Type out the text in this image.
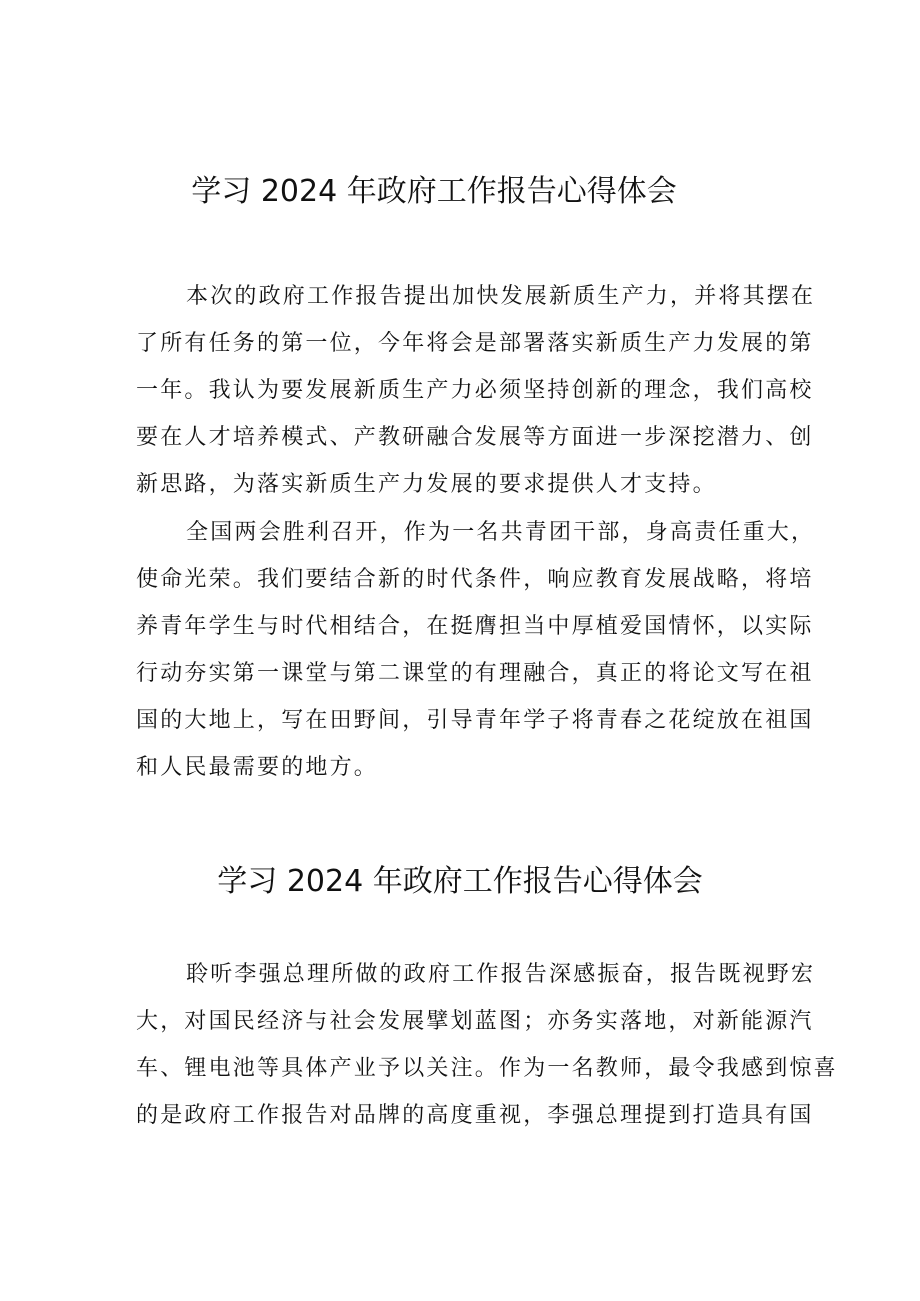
学习 2024 年政府工作报告心得体会

本次的政府工作报告提出加快发展新质生产力，并将其摆在
了所有任务的第一位，今年将会是部署落实新质生产力发展的第
一年。我认为要发展新质生产力必须坚持创新的理念，我们高校
要在人才培养模式、产教研融合发展等方面进一步深挖潜力、创
新思路，为落实新质生产力发展的要求提供人才支持。

全国两会胜利召开，作为一名共青团干部，身高责任重大，
使命光荣。我们要结合新的时代条件，响应教育发展战略，将培
养青年学生与时代相结合，在挺膺担当中厚植爱国情怀，以实际
行动夯实第一课堂与第二课堂的有理融合，真正的将论文写在祖
国的大地上，写在田野间，引导青年学子将青春之花绽放在祖国
和人民最需要的地方。

学习 2024 年政府工作报告心得体会

聆听李强总理所做的政府工作报告深感振奋，报告既视野宏
大，对国民经济与社会发展擘划蓝图；亦务实落地，对新能源汽
车、锂电池等具体产业予以关注。作为一名教师，最令我感到惊喜
的是政府工作报告对品牌的高度重视，李强总理提到打造具有国
